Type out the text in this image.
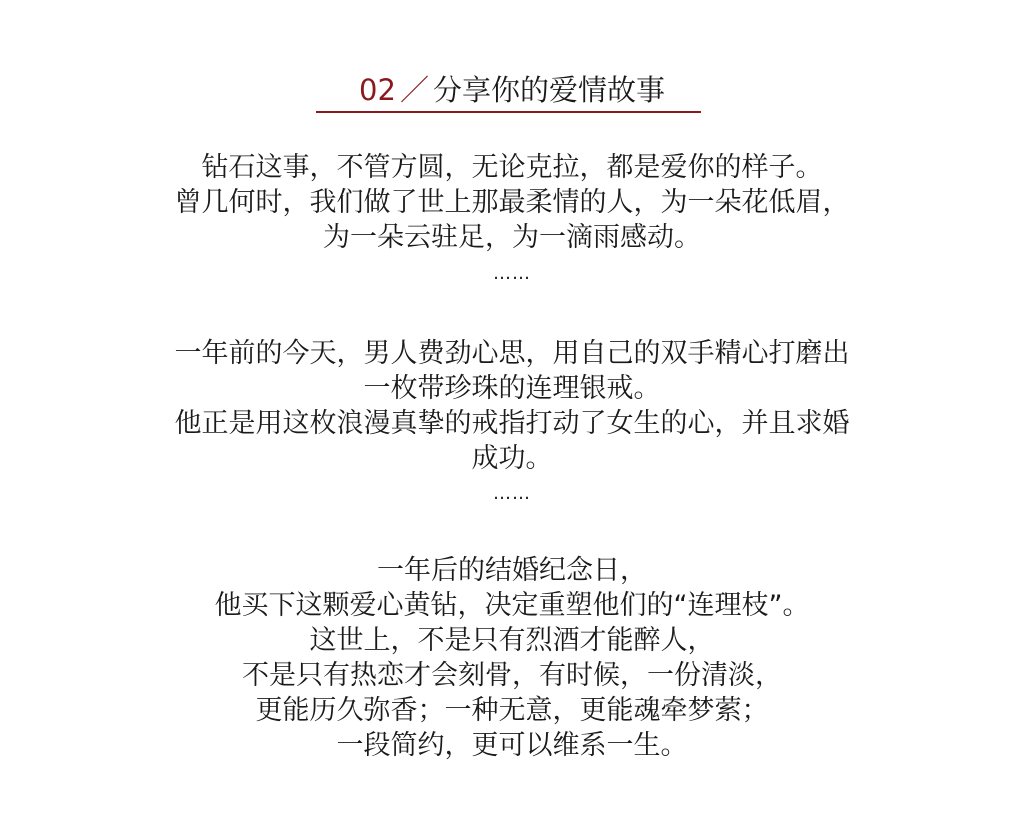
02 ／ 分享你的爱情故事
钻石这事，不管方圆，无论克拉，都是爱你的样子。
曾几何时，我们做了世上那最柔情的人，为一朵花低眉，
为一朵云驻足，为一滴雨感动。
……
一年前的今天，男人费劲心思，用自己的双手精心打磨出
一枚带珍珠的连理银戒。
他正是用这枚浪漫真挚的戒指打动了女生的心，并且求婚
成功。
……
一年后的结婚纪念日，
他买下这颗爱心黄钻，决定重塑他们的“连理枝”。
这世上，不是只有烈酒才能醉人，
不是只有热恋才会刻骨，有时候，一份清淡，
更能历久弥香；一种无意，更能魂牵梦萦；
一段简约，更可以维系一生。
